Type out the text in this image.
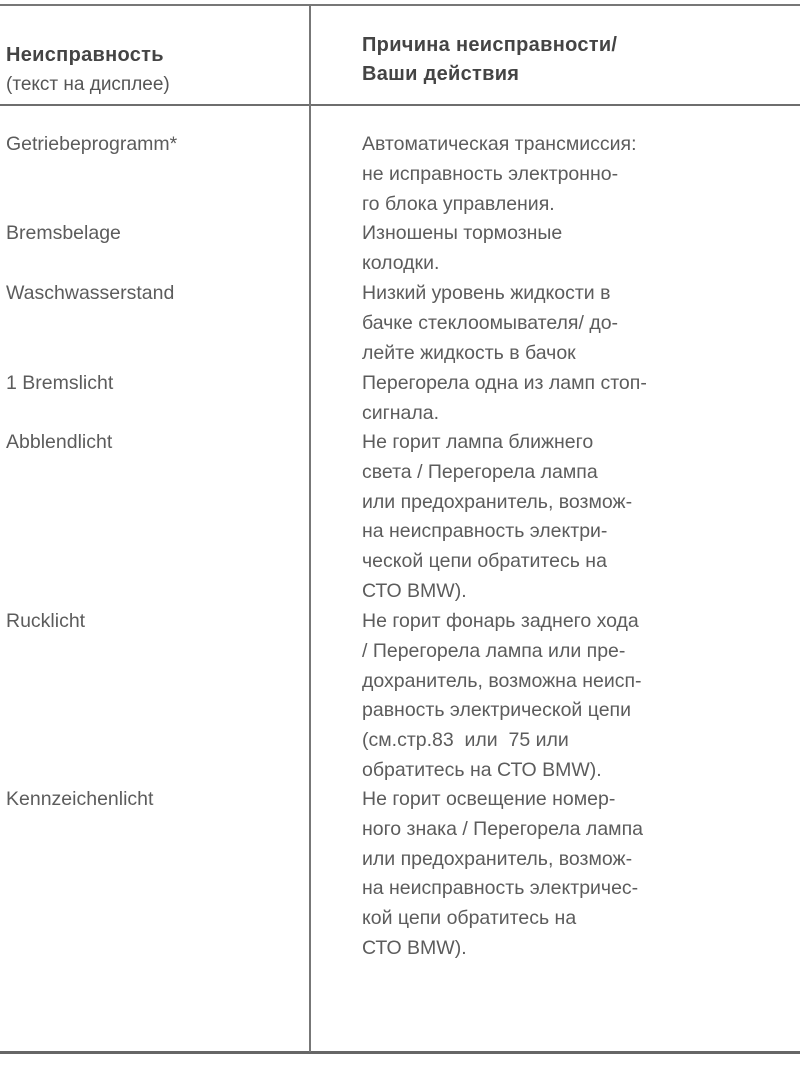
Неисправность
(текст на дисплее)
Причина неисправности/
Ваши действия
Getriebeprogramm*	Автоматическая трансмиссия:
не исправность электронно-
го блока управления.
Bremsbelage	Изношены тормозные
колодки.
Waschwasserstand	Низкий уровень жидкости в
бачке стеклоомывателя/ до-
лейте жидкость в бачок
1 Bremslicht	Перегорела одна из ламп стоп-
сигнала.
Abblendlicht	Не горит лампа ближнего
света / Перегорела лампа
или предохранитель, возмож-
на неисправность электри-
ческой цепи обратитесь на
СТО BMW).
Rucklicht	Не горит фонарь заднего хода
/ Перегорела лампа или пре-
дохранитель, возможна неисп-
равность электрической цепи
(см.стр.83  или  75 или
обратитесь на СТО BMW).
Kennzeichenlicht	Не горит освещение номер-
ного знака / Перегорела лампа
или предохранитель, возмож-
на неисправность электричес-
кой цепи обратитесь на
СТО BMW).
